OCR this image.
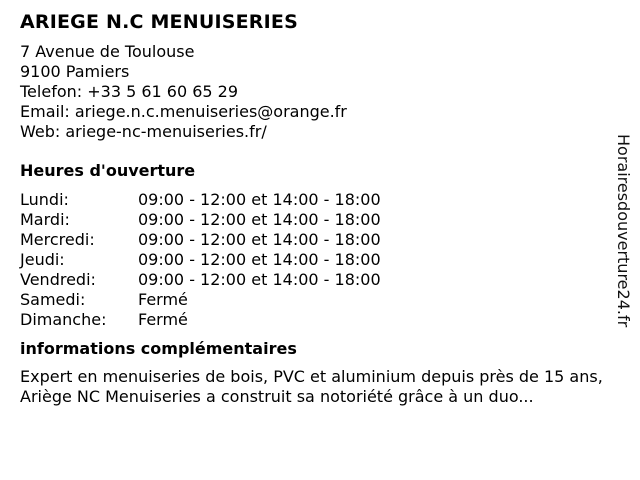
ARIEGE N.C MENUISERIES
7 Avenue de Toulouse
9100 Pamiers
Telefon: +33 5 61 60 65 29
Email: ariege.n.c.menuiseries@orange.fr
Web: ariege-nc-menuiseries.fr/
Heures d'ouverture
Lundi:	09:00 - 12:00 et 14:00 - 18:00
Mardi:	09:00 - 12:00 et 14:00 - 18:00
Mercredi:	09:00 - 12:00 et 14:00 - 18:00
Jeudi:	09:00 - 12:00 et 14:00 - 18:00
Vendredi:	09:00 - 12:00 et 14:00 - 18:00
Samedi:	Fermé
Dimanche:	Fermé
informations complémentaires
Expert en menuiseries de bois, PVC et aluminium depuis près de 15 ans, Ariège NC Menuiseries a construit sa notoriété grâce à un duo...
Horairesdouverture24.fr
